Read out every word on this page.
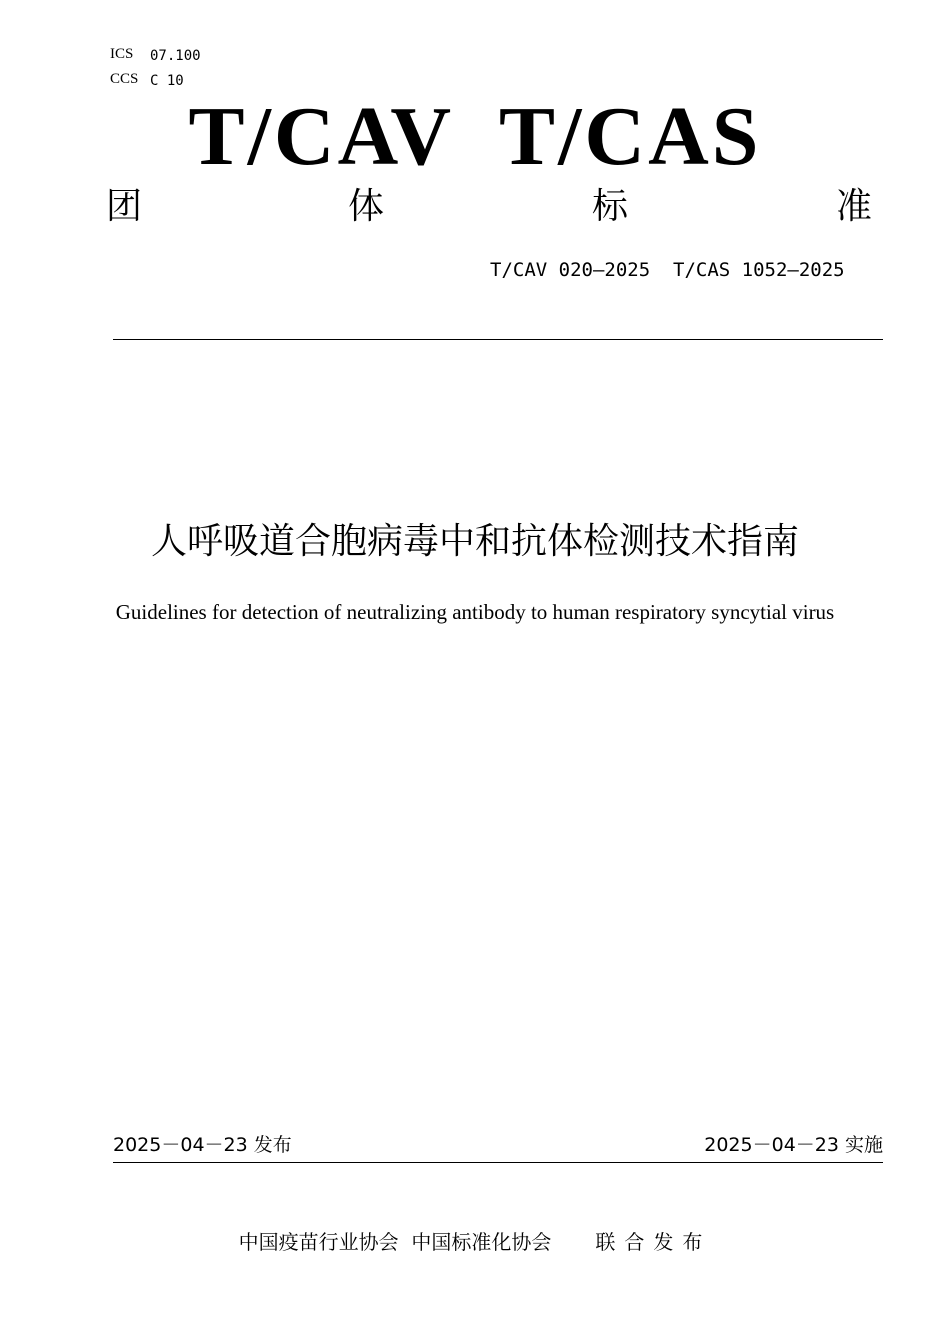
ICS 07.100
CCS C 10
T/CAV  T/CAS
团	体	标	准
T/CAV 020—2025  T/CAS 1052—2025
人呼吸道合胞病毒中和抗体检测技术指南
Guidelines for detection of neutralizing antibody to human respiratory syncytial virus
2025－04－23 发布	2025－04－23 实施
中国疫苗行业协会  中国标准化协会 联合发布
